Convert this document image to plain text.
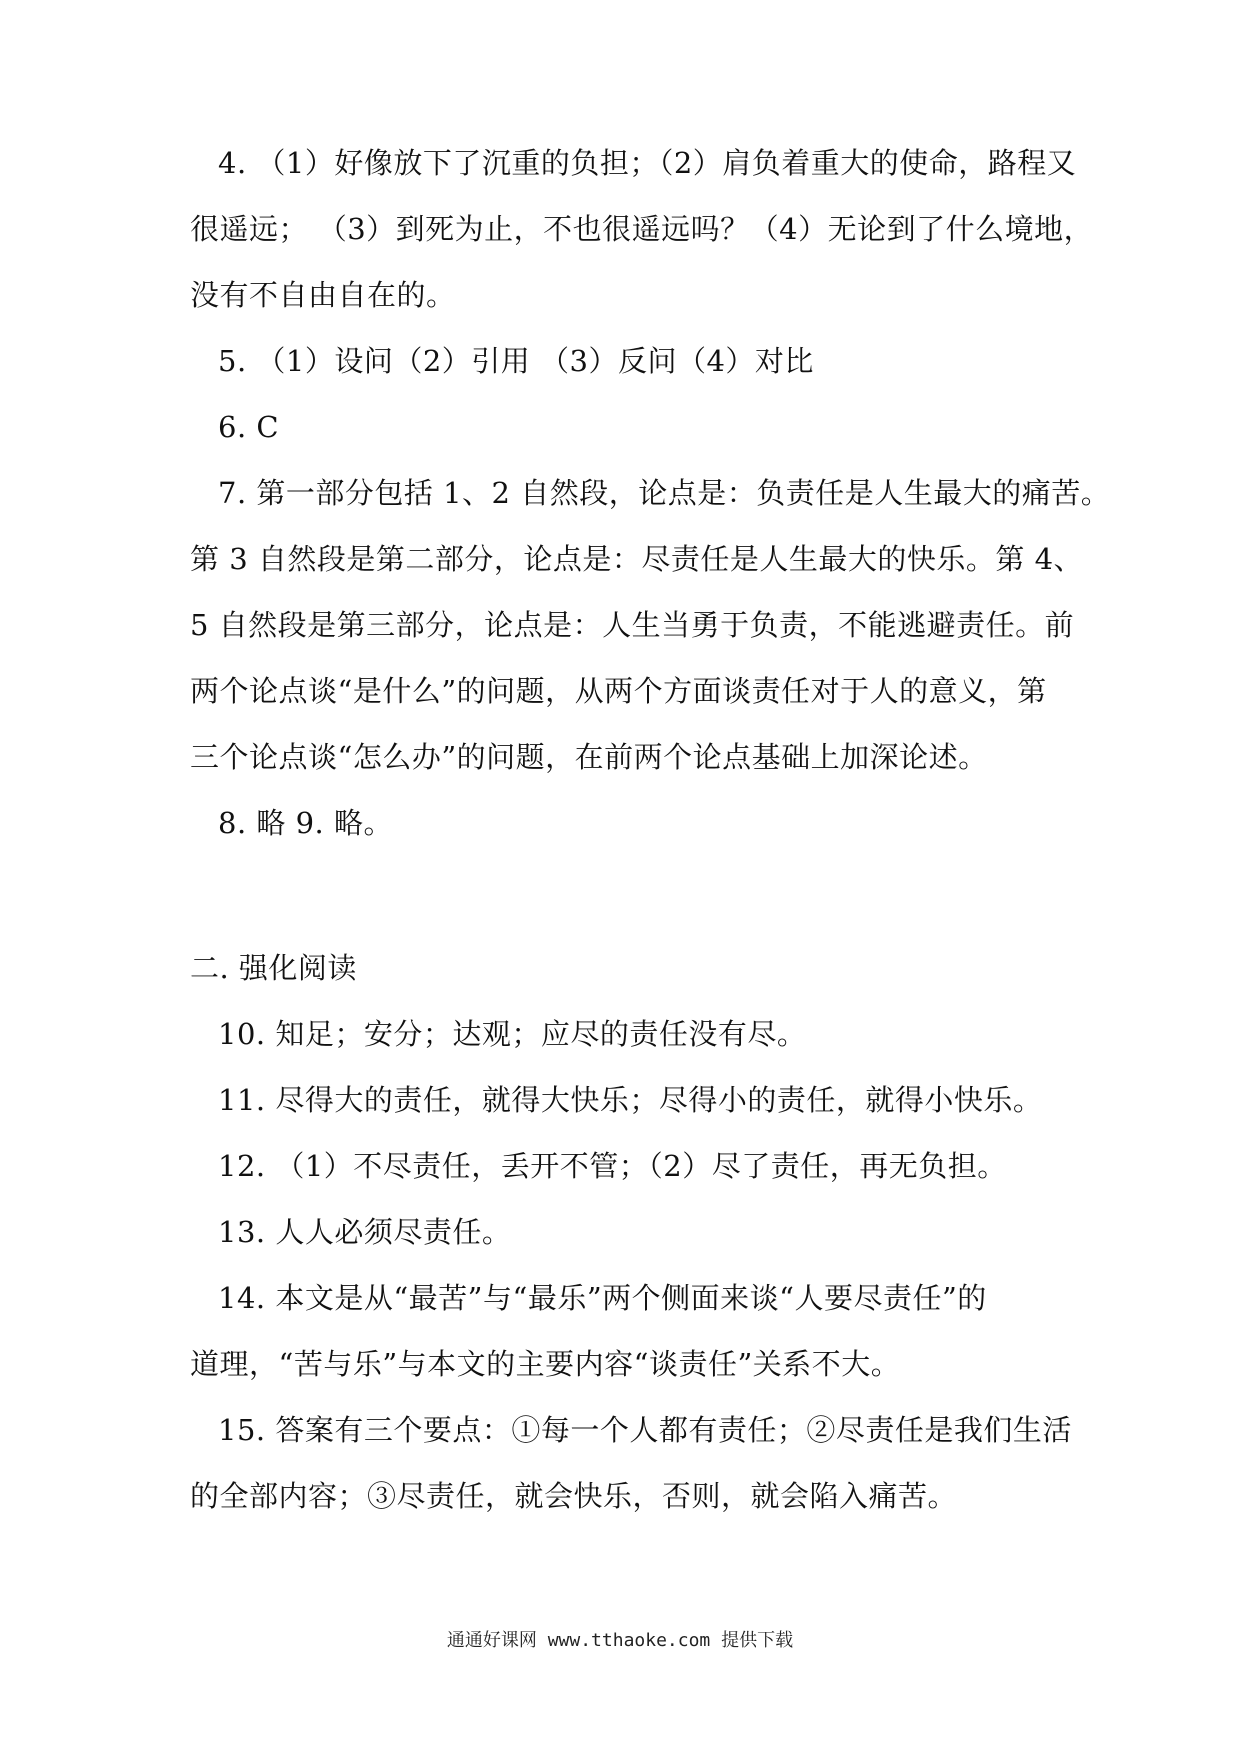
4. （1）好像放下了沉重的负担；（2）肩负着重大的使命，路程又
很遥远； （3）到死为止，不也很遥远吗？（4）无论到了什么境地，
没有不自由自在的。
5. （1）设问（2）引用 （3）反问（4）对比
6. C
7. 第一部分包括 1、2 自然段，论点是：负责任是人生最大的痛苦。
第 3 自然段是第二部分，论点是：尽责任是人生最大的快乐。第 4、
5 自然段是第三部分，论点是：人生当勇于负责，不能逃避责任。前
两个论点谈“是什么”的问题，从两个方面谈责任对于人的意义，第
三个论点谈“怎么办”的问题，在前两个论点基础上加深论述。
8. 略 9. 略。
二. 强化阅读
10. 知足；安分；达观；应尽的责任没有尽。
11. 尽得大的责任，就得大快乐；尽得小的责任，就得小快乐。
12. （1）不尽责任，丢开不管；（2）尽了责任，再无负担。
13. 人人必须尽责任。
14. 本文是从“最苦”与“最乐”两个侧面来谈“人要尽责任”的
道理，“苦与乐”与本文的主要内容“谈责任”关系不大。
15. 答案有三个要点：①每一个人都有责任；②尽责任是我们生活
的全部内容；③尽责任，就会快乐，否则，就会陷入痛苦。
通通好课网 www.tthaoke.com 提供下载
